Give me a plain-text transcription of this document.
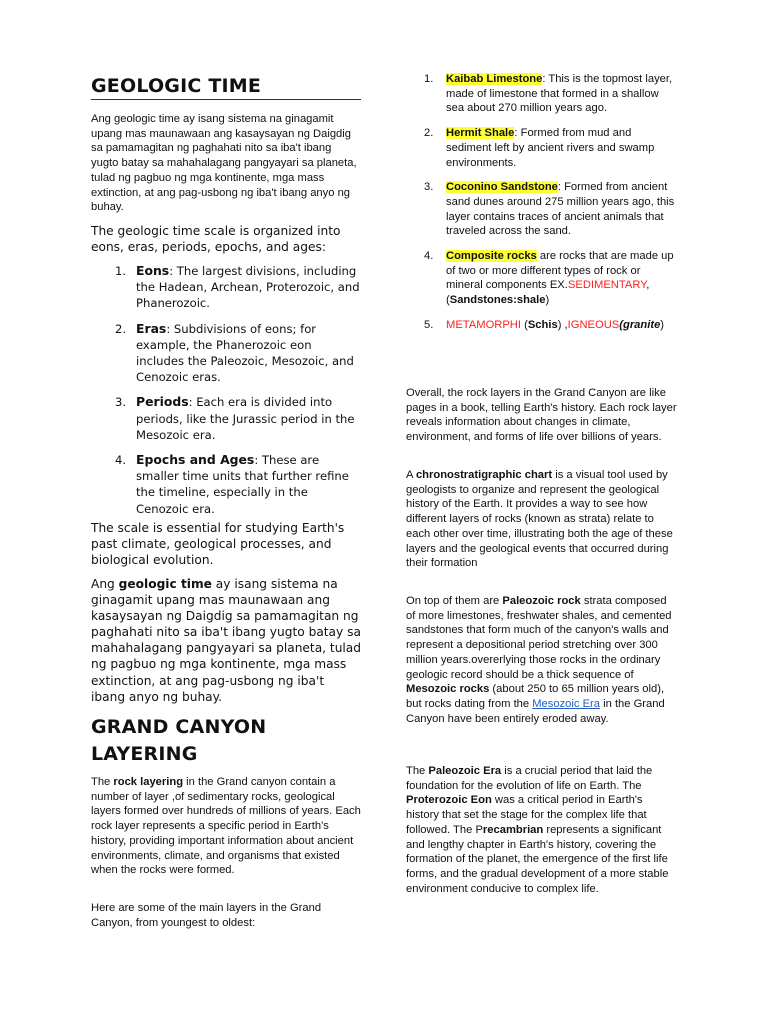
GEOLOGIC TIME

Ang geologic time ay isang sistema na ginagamit upang mas maunawaan ang kasaysayan ng Daigdig sa pamamagitan ng paghahati nito sa iba't ibang yugto batay sa mahahalagang pangyayari sa planeta, tulad ng pagbuo ng mga kontinente, mga mass extinction, at ang pag-usbong ng iba't ibang anyo ng buhay.

The geologic time scale is organized into eons, eras, periods, epochs, and ages:

1. Eons: The largest divisions, including the Hadean, Archean, Proterozoic, and Phanerozoic.
2. Eras: Subdivisions of eons; for example, the Phanerozoic eon includes the Paleozoic, Mesozoic, and Cenozoic eras.
3. Periods: Each era is divided into periods, like the Jurassic period in the Mesozoic era.
4. Epochs and Ages: These are smaller time units that further refine the timeline, especially in the Cenozoic era.

The scale is essential for studying Earth's past climate, geological processes, and biological evolution.

Ang geologic time ay isang sistema na ginagamit upang mas maunawaan ang kasaysayan ng Daigdig sa pamamagitan ng paghahati nito sa iba't ibang yugto batay sa mahahalagang pangyayari sa planeta, tulad ng pagbuo ng mga kontinente, mga mass extinction, at ang pag-usbong ng iba't ibang anyo ng buhay.

GRAND CANYON LAYERING

The rock layering in the Grand canyon contain a number of layer ,of sedimentary rocks, geological layers formed over hundreds of millions of years. Each rock layer represents a specific period in Earth's history, providing important information about ancient environments, climate, and organisms that existed when the rocks were formed.

Here are some of the main layers in the Grand Canyon, from youngest to oldest:

1. Kaibab Limestone: This is the topmost layer, made of limestone that formed in a shallow sea about 270 million years ago.
2. Hermit Shale: Formed from mud and sediment left by ancient rivers and swamp environments.
3. Coconino Sandstone: Formed from ancient sand dunes around 275 million years ago, this layer contains traces of ancient animals that traveled across the sand.
4. Composite rocks are rocks that are made up of two or more different types of rock or mineral components EX.SEDIMENTARY, (Sandstones:shale)
5. METAMORPHI (Schis) ,IGNEOUS(granite)

Overall, the rock layers in the Grand Canyon are like pages in a book, telling Earth's history. Each rock layer reveals information about changes in climate, environment, and forms of life over billions of years.

A chronostratigraphic chart is a visual tool used by geologists to organize and represent the geological history of the Earth. It provides a way to see how different layers of rocks (known as strata) relate to each other over time, illustrating both the age of these layers and the geological events that occurred during their formation

On top of them are Paleozoic rock strata composed of more limestones, freshwater shales, and cemented sandstones that form much of the canyon's walls and represent a depositional period stretching over 300 million years.overerlying those rocks in the ordinary geologic record should be a thick sequence of Mesozoic rocks (about 250 to 65 million years old), but rocks dating from the Mesozoic Era in the Grand Canyon have been entirely eroded away.

The Paleozoic Era is a crucial period that laid the foundation for the evolution of life on Earth. The Proterozoic Eon was a critical period in Earth's history that set the stage for the complex life that followed. The Precambrian represents a significant and lengthy chapter in Earth's history, covering the formation of the planet, the emergence of the first life forms, and the gradual development of a more stable environment conducive to complex life.
